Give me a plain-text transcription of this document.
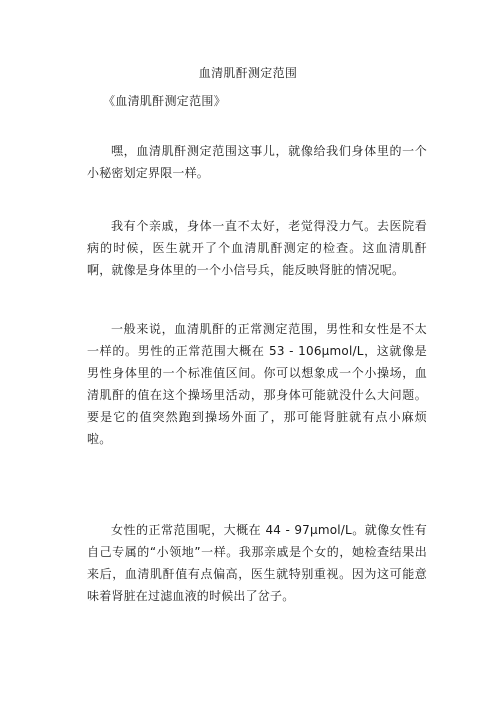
血清肌酐测定范围
《血清肌酐测定范围》

嘿，血清肌酐测定范围这事儿，就像给我们身体里的一个小秘密划定界限一样。

我有个亲戚，身体一直不太好，老觉得没力气。去医院看病的时候，医生就开了个血清肌酐测定的检查。这血清肌酐啊，就像是身体里的一个小信号兵，能反映肾脏的情况呢。

一般来说，血清肌酐的正常测定范围，男性和女性是不太一样的。男性的正常范围大概在 53 - 106μmol/L，这就像是男性身体里的一个标准值区间。你可以想象成一个小操场，血清肌酐的值在这个操场里活动，那身体可能就没什么大问题。要是它的值突然跑到操场外面了，那可能肾脏就有点小麻烦啦。

女性的正常范围呢，大概在 44 - 97μmol/L。就像女性有自己专属的“小领地”一样。我那亲戚是个女的，她检查结果出来后，血清肌酐值有点偏高，医生就特别重视。因为这可能意味着肾脏在过滤血液的时候出了岔子。
